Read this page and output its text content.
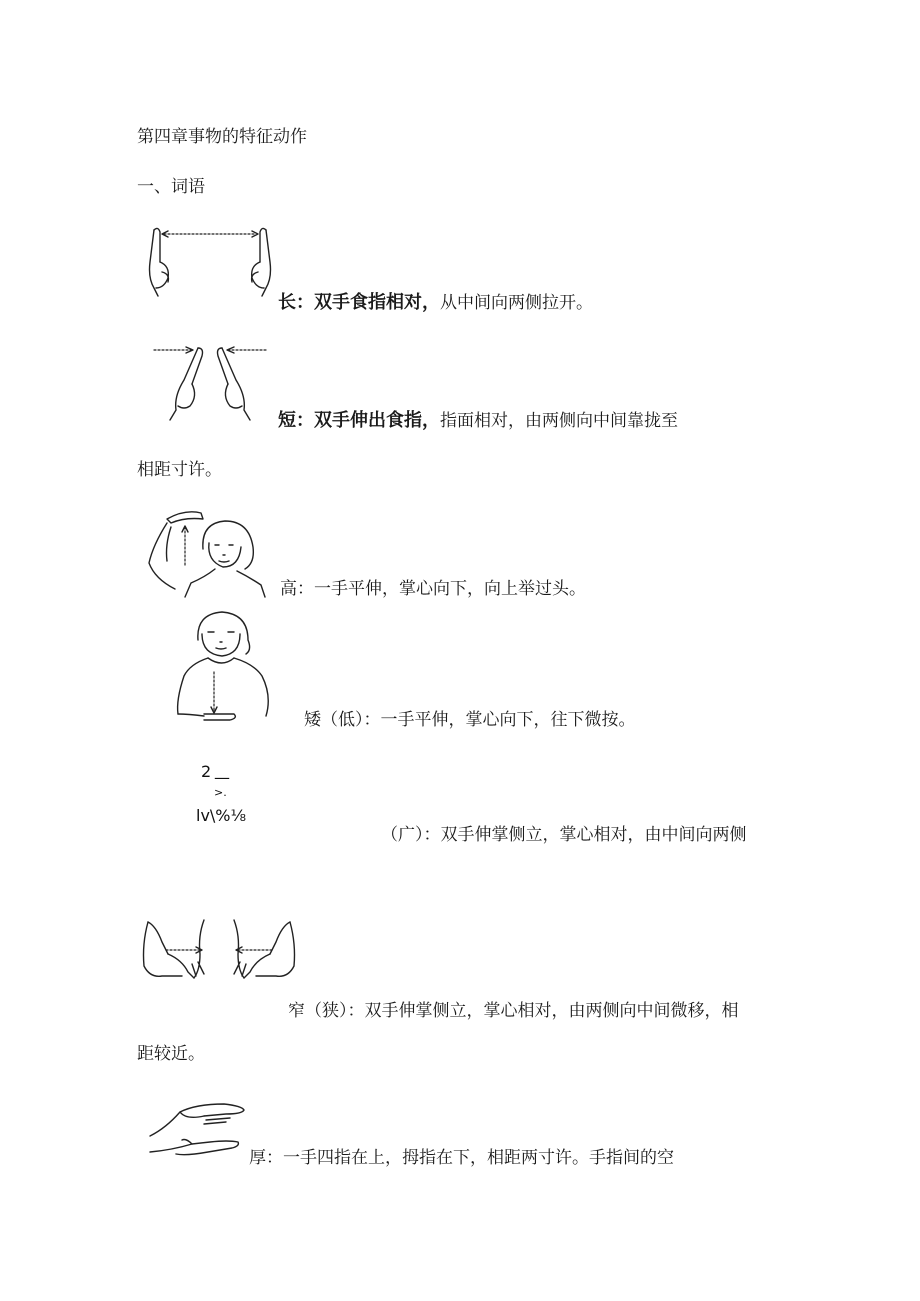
第四章事物的特征动作
一、词语
长：双手食指相对，从中间向两侧拉开。
短：双手伸出食指，指面相对，由两侧向中间靠拢至
相距寸许。
高：一手平伸，掌心向下，向上举过头。
矮（低）：一手平伸，掌心向下，往下微按。
2 —
>.
lv\%⅛
（广）：双手伸掌侧立，掌心相对，由中间向两侧
窄（狭）：双手伸掌侧立，掌心相对，由两侧向中间微移，相
距较近。
厚：一手四指在上，拇指在下，相距两寸许。手指间的空
